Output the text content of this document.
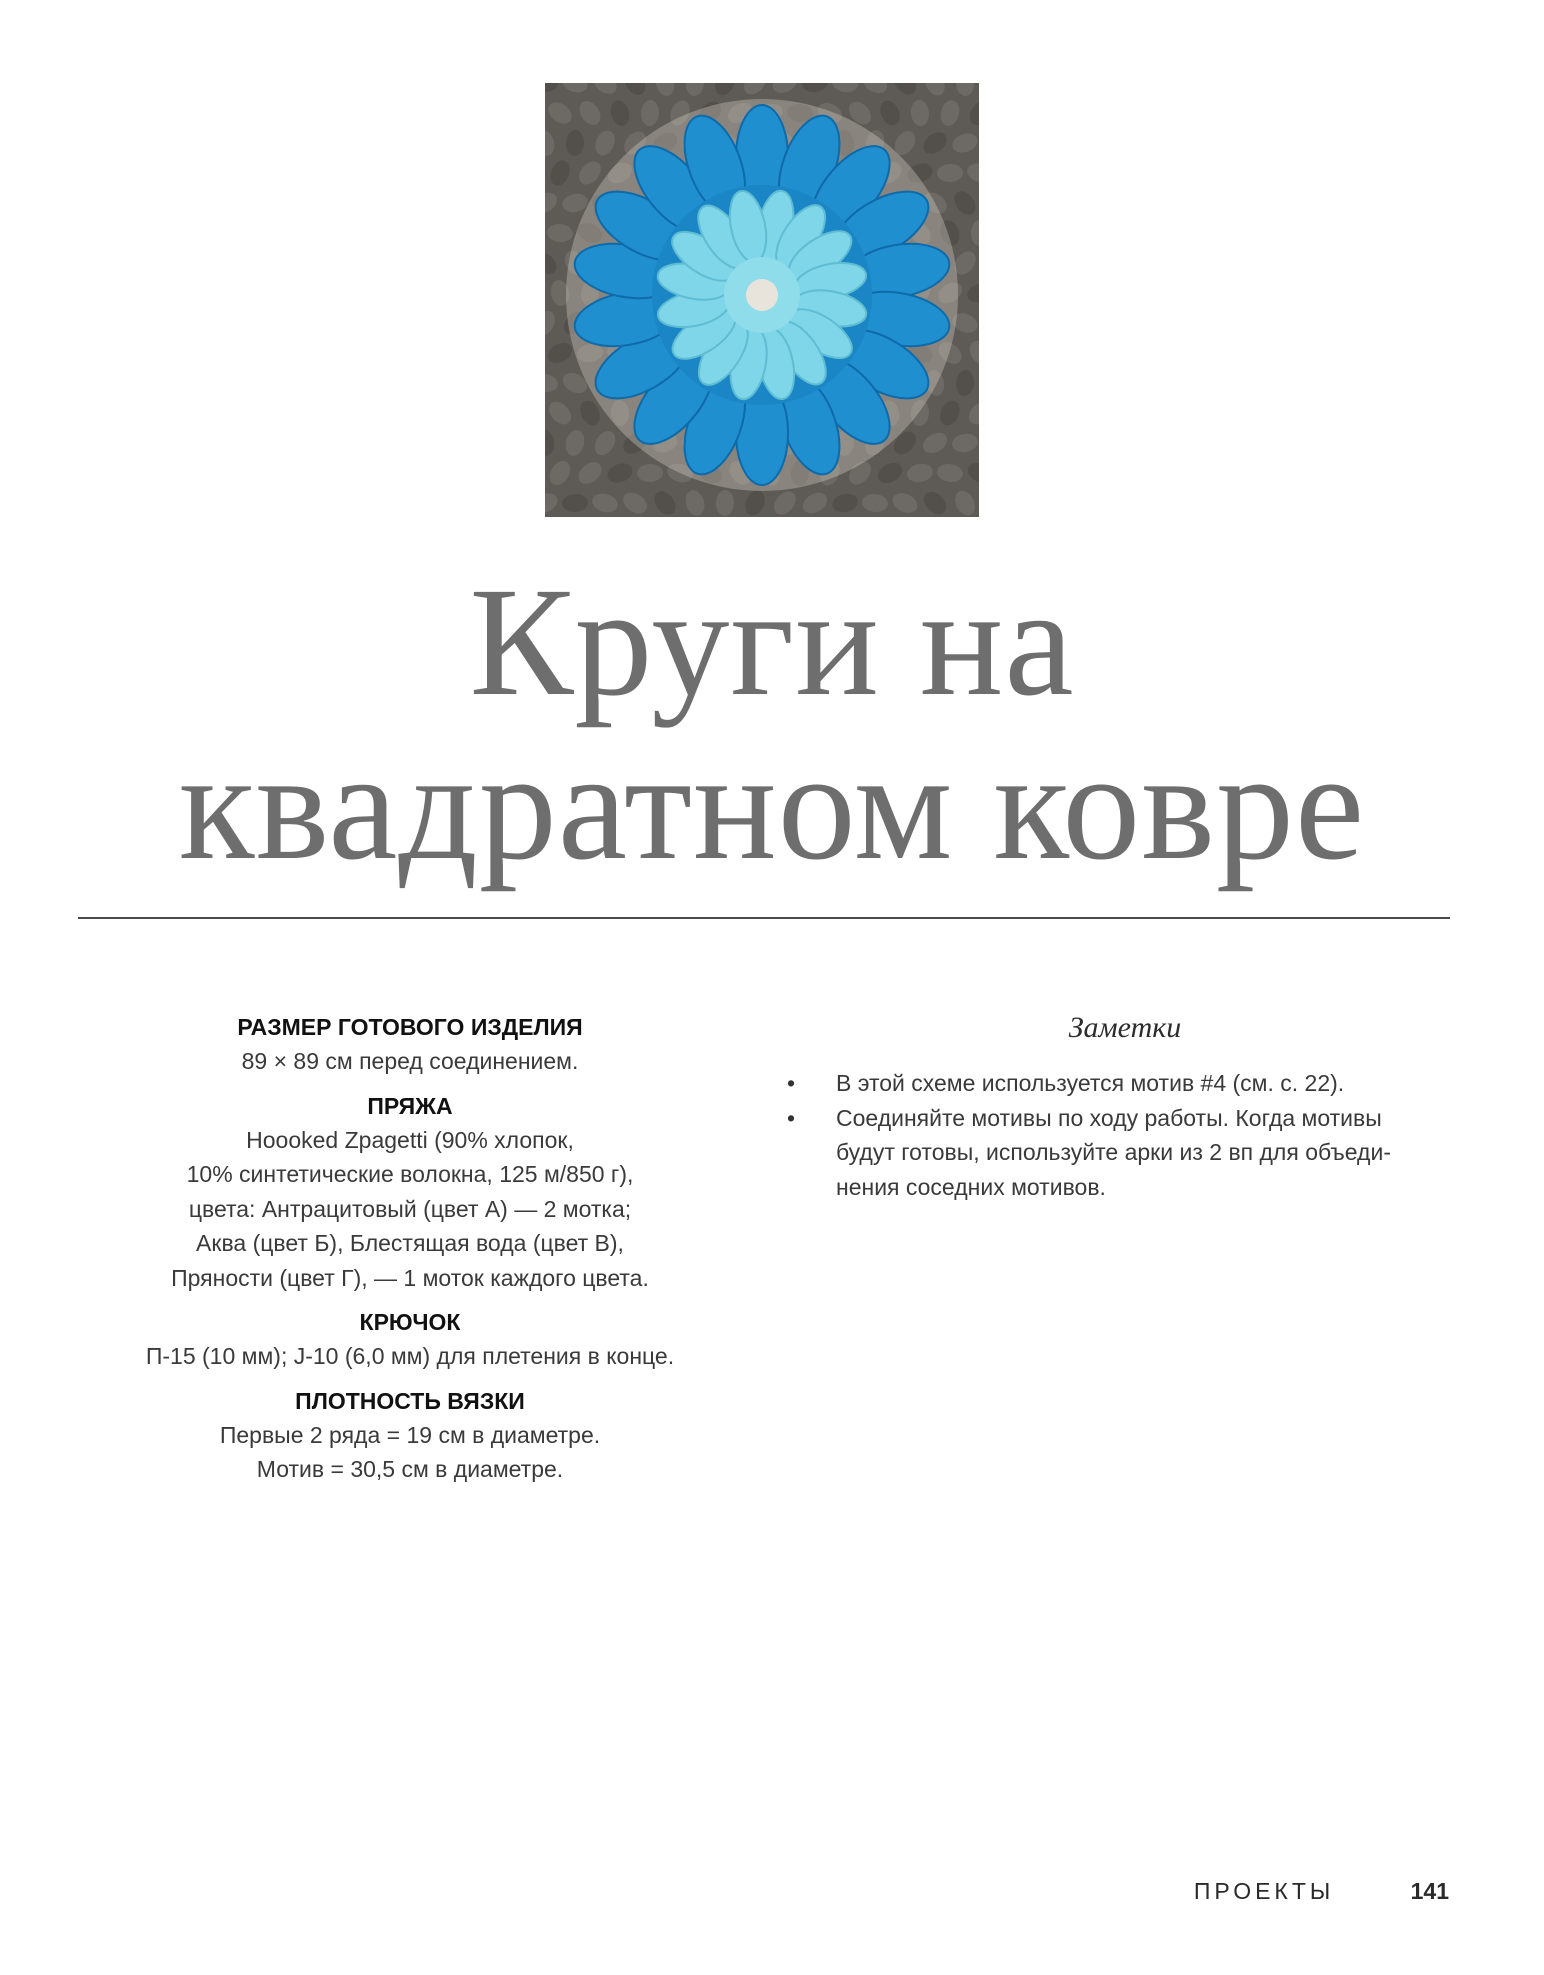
Круги на
квадратном ковре
РАЗМЕР ГОТОВОГО ИЗДЕЛИЯ

89 × 89 см перед соединением.

ПРЯЖА

Hoooked Zpagetti (90% хлопок,

10% синтетические волокна, 125 м/850 г),

цвета: Антрацитовый (цвет А) — 2 мотка;

Аква (цвет Б), Блестящая вода (цвет В),

Пряности (цвет Г), — 1 моток каждого цвета.

КРЮЧОК

П-15 (10 мм); J-10 (6,0 мм) для плетения в конце.

ПЛОТНОСТЬ ВЯЗКИ

Первые 2 ряда = 19 см в диаметре.

Мотив = 30,5 см в диаметре.

Заметки
• В этой схеме используется мотив #4 (см. с. 22).
• Соединяйте мотивы по ходу работы. Когда мотивы
будут готовы, используйте арки из 2 вп для объеди-
нения соседних мотивов.
ПРОЕКТЫ	141
